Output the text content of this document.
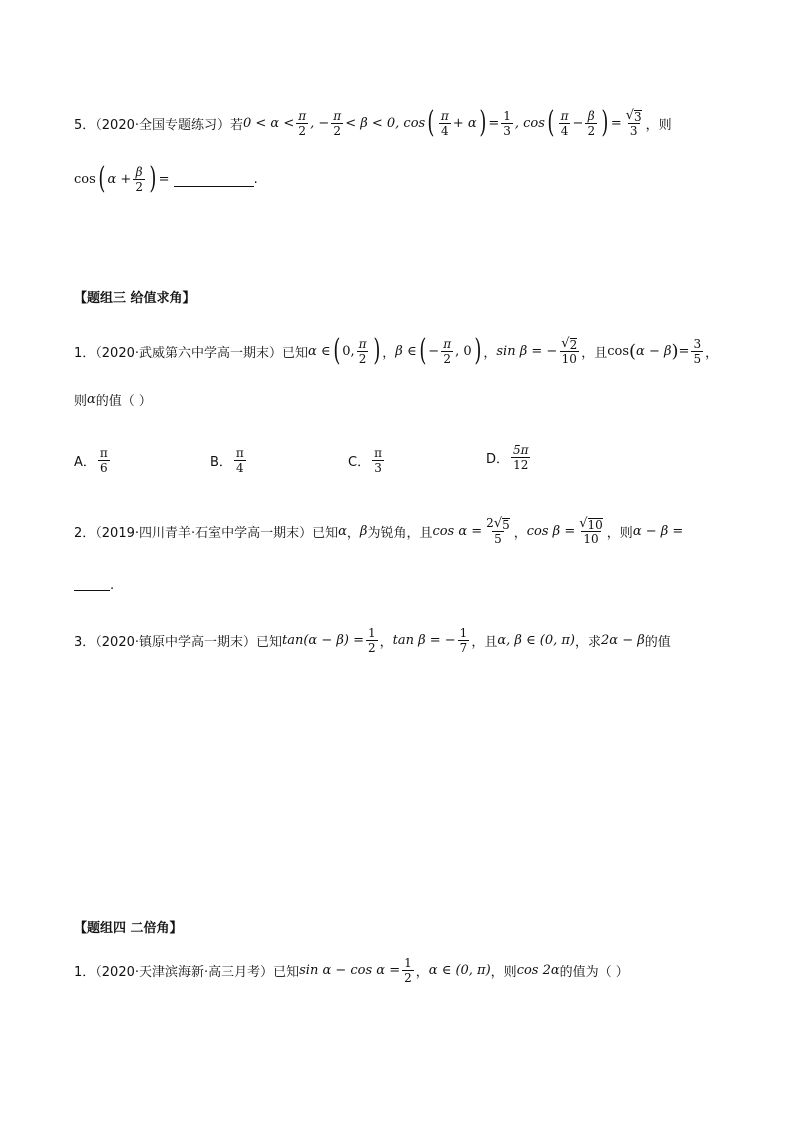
5．（2020·全国专题练习）若 $0 < \alpha < \frac{\pi}{2}$ , − $\frac{\pi}{2} < \beta < 0$, cos ( $\frac{\pi}{4} + \alpha$ ) = $\frac{1}{3}$ , cos ( $\frac{\pi}{4} - \frac{\beta}{2}$ ) = $\frac{√ 3}{3}$ ，则
cos ( $\alpha + \frac{\beta}{2}$ ) =	.
【题组三 给值求角】
1．（2020·武威第六中学高一期末）已知 α ∈ ( 0, $\frac{\pi}{2}$ ) ， β ∈ ( − $\frac{\pi}{2}$ , 0 ) ， sin β = − $\frac{√ 2}{10}$ ，且 cos ( α − β ) = $\frac{3}{5}$ ，
则 α 的值（ ）
A． $\frac{\pi}{6}$	B． $\frac{\pi}{4}$	C． $\frac{\pi}{3}$	D． $\frac{5\pi}{12}$
2．（2019·四川青羊·石室中学高一期末）已知 α ， β 为锐角，且 $\cos \alpha = \frac{2 √ 5}{5}$ ， $\cos \beta = \frac{√ 10}{10}$ ，则 α − β =
.
3．（2020·镇原中学高一期末）已知 $\tan(\alpha - \beta) = \frac{1}{2}$ ， tan β = − $\frac{1}{7}$ ，且 α, β ∈ (0, π) ，求 2α − β 的值
【题组四 二倍角】
1．（2020·天津滨海新·高三月考）已知 $\sin \alpha - \cos \alpha = \frac{1}{2}$ ， α ∈ (0, π) ，则 cos 2α 的值为（ ）
